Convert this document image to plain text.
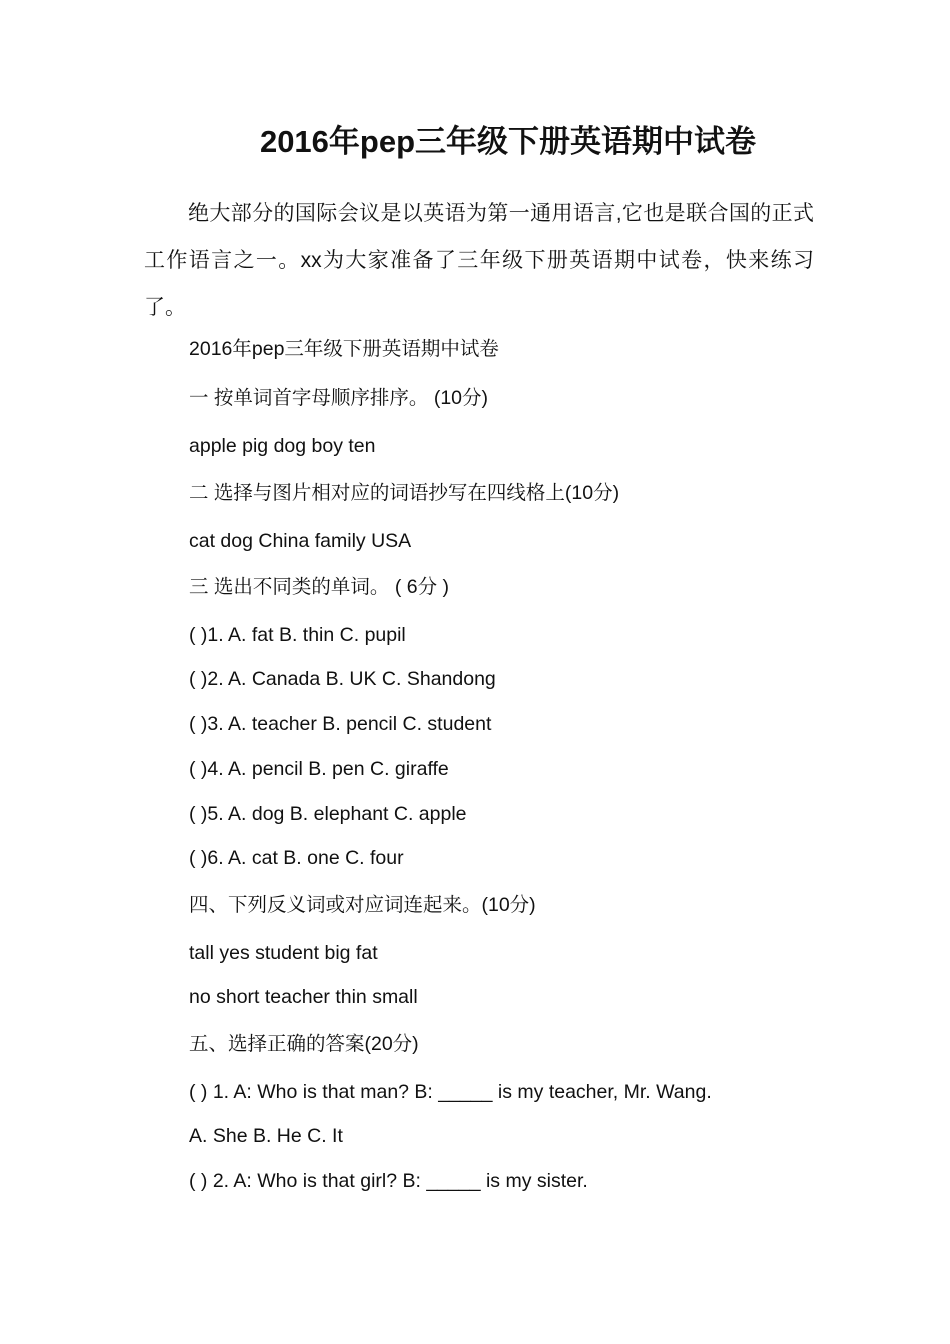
2016年pep三年级下册英语期中试卷
绝大部分的国际会议是以英语为第一通用语言,它也是联合国的正式工作语言之一。xx为大家准备了三年级下册英语期中试卷，快来练习了。
2016年pep三年级下册英语期中试卷
一 按单词首字母顺序排序。 (10分)
apple pig dog boy ten
二 选择与图片相对应的词语抄写在四线格上(10分)
cat dog China family USA
三 选出不同类的单词。 ( 6分 )
( )1. A. fat B. thin C. pupil
( )2. A. Canada B. UK C. Shandong
( )3. A. teacher B. pencil C. student
( )4. A. pencil B. pen C. giraffe
( )5. A. dog B. elephant C. apple
( )6. A. cat B. one C. four
四、下列反义词或对应词连起来。(10分)
tall yes student big fat
no short teacher thin small
五、选择正确的答案(20分)
( ) 1. A: Who is that man? B: _____ is my teacher, Mr. Wang.
A. She B. He C. It
( ) 2. A: Who is that girl? B: _____ is my sister.
